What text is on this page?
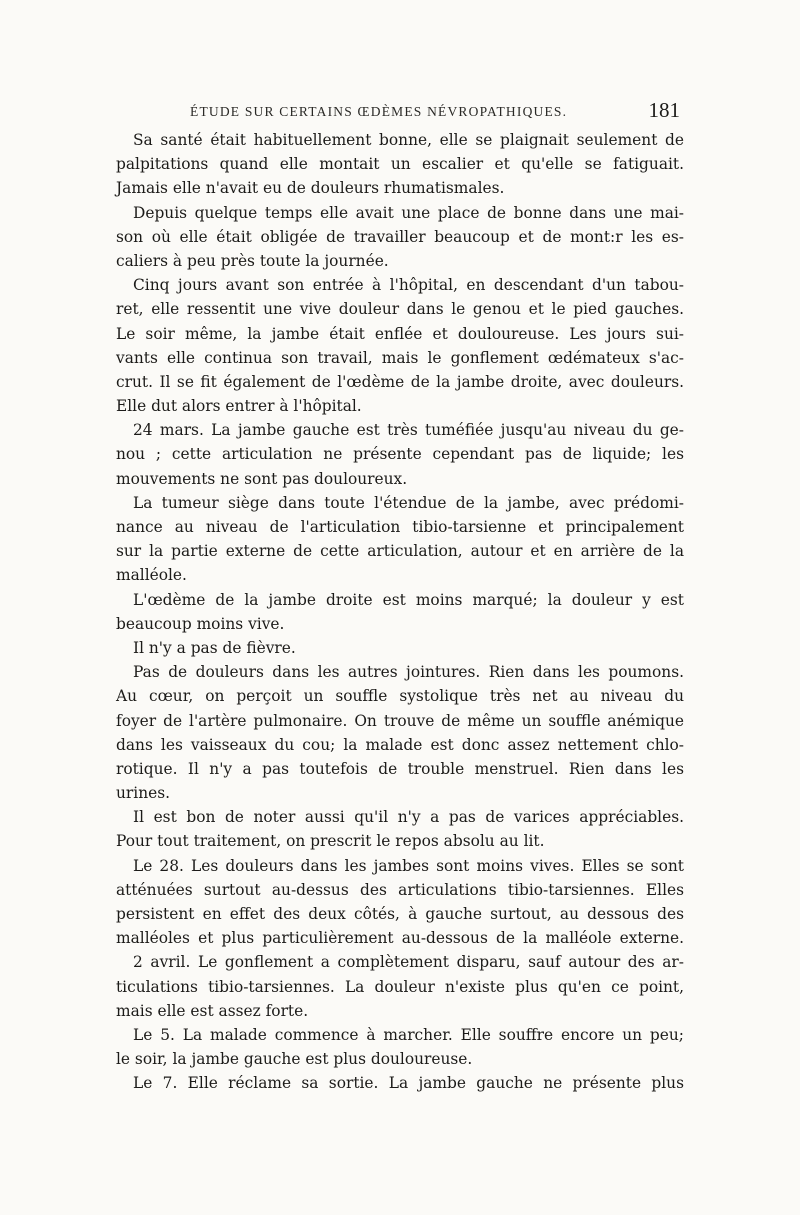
ÉTUDE SUR CERTAINS ŒDÈMES NÉVROPATHIQUES.	181
Sa santé était habituellement bonne, elle se plaignait seulement de
palpitations quand elle montait un escalier et qu'elle se fatiguait.
Jamais elle n'avait eu de douleurs rhumatismales.
Depuis quelque temps elle avait une place de bonne dans une mai-
son où elle était obligée de travailler beaucoup et de mont:r les es-
caliers à peu près toute la journée.
Cinq jours avant son entrée à l'hôpital, en descendant d'un tabou-
ret, elle ressentit une vive douleur dans le genou et le pied gauches.
Le soir même, la jambe était enflée et douloureuse. Les jours sui-
vants elle continua son travail, mais le gonflement œdémateux s'ac-
crut. Il se fit également de l'œdème de la jambe droite, avec douleurs.
Elle dut alors entrer à l'hôpital.
24 mars. La jambe gauche est très tuméfiée jusqu'au niveau du ge-
nou ; cette articulation ne présente cependant pas de liquide; les
mouvements ne sont pas douloureux.
La tumeur siège dans toute l'étendue de la jambe, avec prédomi-
nance au niveau de l'articulation tibio-tarsienne et principalement
sur la partie externe de cette articulation, autour et en arrière de la
malléole.
L'œdème de la jambe droite est moins marqué; la douleur y est
beaucoup moins vive.
Il n'y a pas de fièvre.
Pas de douleurs dans les autres jointures. Rien dans les poumons.
Au cœur, on perçoit un souffle systolique très net au niveau du
foyer de l'artère pulmonaire. On trouve de même un souffle anémique
dans les vaisseaux du cou; la malade est donc assez nettement chlo-
rotique. Il n'y a pas toutefois de trouble menstruel. Rien dans les
urines.
Il est bon de noter aussi qu'il n'y a pas de varices appréciables.
Pour tout traitement, on prescrit le repos absolu au lit.
Le 28. Les douleurs dans les jambes sont moins vives. Elles se sont
atténuées surtout au-dessus des articulations tibio-tarsiennes. Elles
persistent en effet des deux côtés, à gauche surtout, au dessous des
malléoles et plus particulièrement au-dessous de la malléole externe.
2 avril. Le gonflement a complètement disparu, sauf autour des ar-
ticulations tibio-tarsiennes. La douleur n'existe plus qu'en ce point,
mais elle est assez forte.
Le 5. La malade commence à marcher. Elle souffre encore un peu;
le soir, la jambe gauche est plus douloureuse.
Le 7. Elle réclame sa sortie. La jambe gauche ne présente plus
